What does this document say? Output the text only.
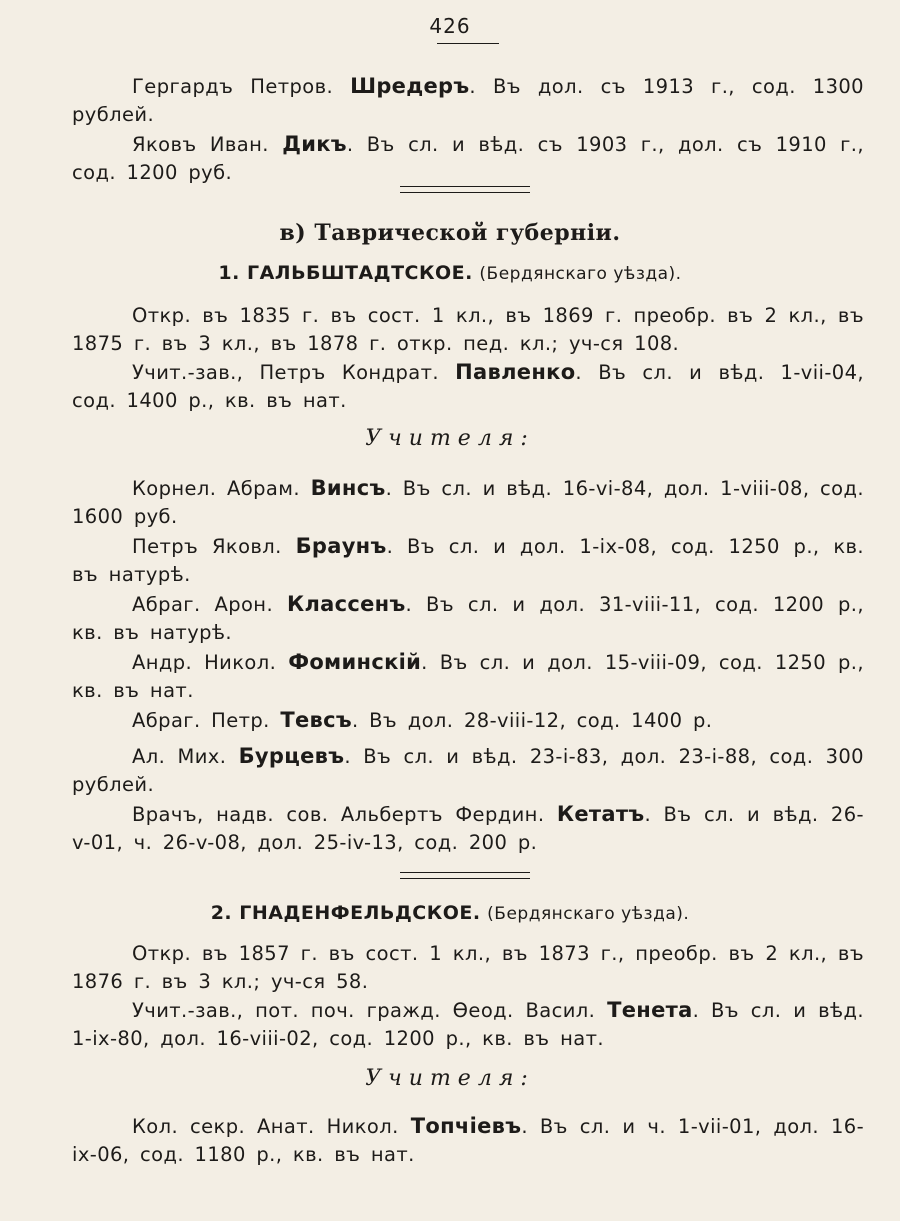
426
Гергардъ Петров. Шредеръ. Въ дол. съ 1913 г., сод. 1300 рублей.
Яковъ Иван. Дикъ. Въ сл. и вѣд. съ 1903 г., дол. съ 1910 г., сод. 1200 руб.
в) Таврической губерніи.
1. ГАЛЬБШТАДТСКОЕ. (Бердянскаго уѣзда).
Откр. въ 1835 г. въ сост. 1 кл., въ 1869 г. преобр. въ 2 кл., въ 1875 г. въ 3 кл., въ 1878 г. откр. пед. кл.; уч-ся 108.
Учит.-зав., Петръ Кондрат. Павленко. Въ сл. и вѣд. 1-vii-04, сод. 1400 р., кв. въ нат.
Учителя:
Корнел. Абрам. Винсъ. Въ сл. и вѣд. 16-vi-84, дол. 1-viii-08, сод. 1600 руб.
Петръ Яковл. Браунъ. Въ сл. и дол. 1-ix-08, сод. 1250 р., кв. въ натурѣ.
Абраг. Арон. Классенъ. Въ сл. и дол. 31-viii-11, сод. 1200 р., кв. въ натурѣ.
Андр. Никол. Фоминскій. Въ сл. и дол. 15-viii-09, сод. 1250 р., кв. въ нат.
Абраг. Петр. Тевсъ. Въ дол. 28-viii-12, сод. 1400 р.
Ал. Мих. Бурцевъ. Въ сл. и вѣд. 23-i-83, дол. 23-i-88, сод. 300 рублей.
Врачъ, надв. сов. Альбертъ Фердин. Кетатъ. Въ сл. и вѣд. 26-v-01, ч. 26-v-08, дол. 25-iv-13, сод. 200 р.
2. ГНАДЕНФЕЛЬДСКОЕ. (Бердянскаго уѣзда).
Откр. въ 1857 г. въ сост. 1 кл., въ 1873 г., преобр. въ 2 кл., въ 1876 г. въ 3 кл.; уч-ся 58.
Учит.-зав., пот. поч. гражд. Ѳеод. Васил. Тенета. Въ сл. и вѣд. 1-ix-80, дол. 16-viii-02, сод. 1200 р., кв. въ нат.
Учителя:
Кол. секр. Анат. Никол. Топчіевъ. Въ сл. и ч. 1-vii-01, дол. 16-ix-06, сод. 1180 р., кв. въ нат.
